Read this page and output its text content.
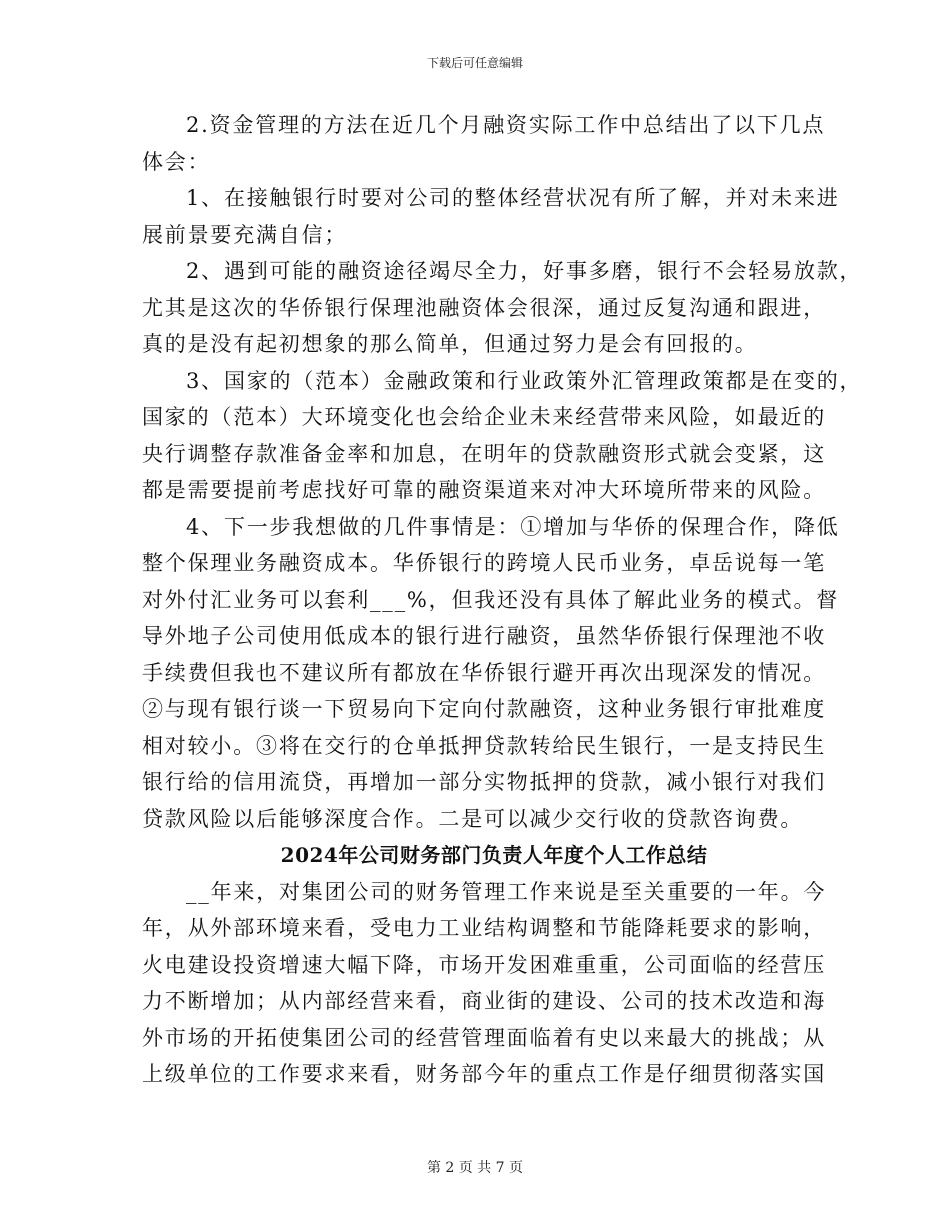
下载后可任意编辑
2.资金管理的方法在近几个月融资实际工作中总结出了以下几点
体会：
1、在接触银行时要对公司的整体经营状况有所了解，并对未来进
展前景要充满自信；
2、遇到可能的融资途径竭尽全力，好事多磨，银行不会轻易放款，
尤其是这次的华侨银行保理池融资体会很深，通过反复沟通和跟进，
真的是没有起初想象的那么简单，但通过努力是会有回报的。
3、国家的（范本）金融政策和行业政策外汇管理政策都是在变的，
国家的（范本）大环境变化也会给企业未来经营带来风险，如最近的
央行调整存款准备金率和加息，在明年的贷款融资形式就会变紧，这
都是需要提前考虑找好可靠的融资渠道来对冲大环境所带来的风险。
4、下一步我想做的几件事情是：①增加与华侨的保理合作，降低
整个保理业务融资成本。华侨银行的跨境人民币业务，卓岳说每一笔
对外付汇业务可以套利___%，但我还没有具体了解此业务的模式。督
导外地子公司使用低成本的银行进行融资，虽然华侨银行保理池不收
手续费但我也不建议所有都放在华侨银行避开再次出现深发的情况。
②与现有银行谈一下贸易向下定向付款融资，这种业务银行审批难度
相对较小。③将在交行的仓单抵押贷款转给民生银行，一是支持民生
银行给的信用流贷，再增加一部分实物抵押的贷款，减小银行对我们
贷款风险以后能够深度合作。二是可以减少交行收的贷款咨询费。
2024年公司财务部门负责人年度个人工作总结
__年来，对集团公司的财务管理工作来说是至关重要的一年。今
年，从外部环境来看，受电力工业结构调整和节能降耗要求的影响，
火电建设投资增速大幅下降，市场开发困难重重，公司面临的经营压
力不断增加；从内部经营来看，商业街的建设、公司的技术改造和海
外市场的开拓使集团公司的经营管理面临着有史以来最大的挑战；从
上级单位的工作要求来看，财务部今年的重点工作是仔细贯彻落实国
第 2 页 共 7 页
